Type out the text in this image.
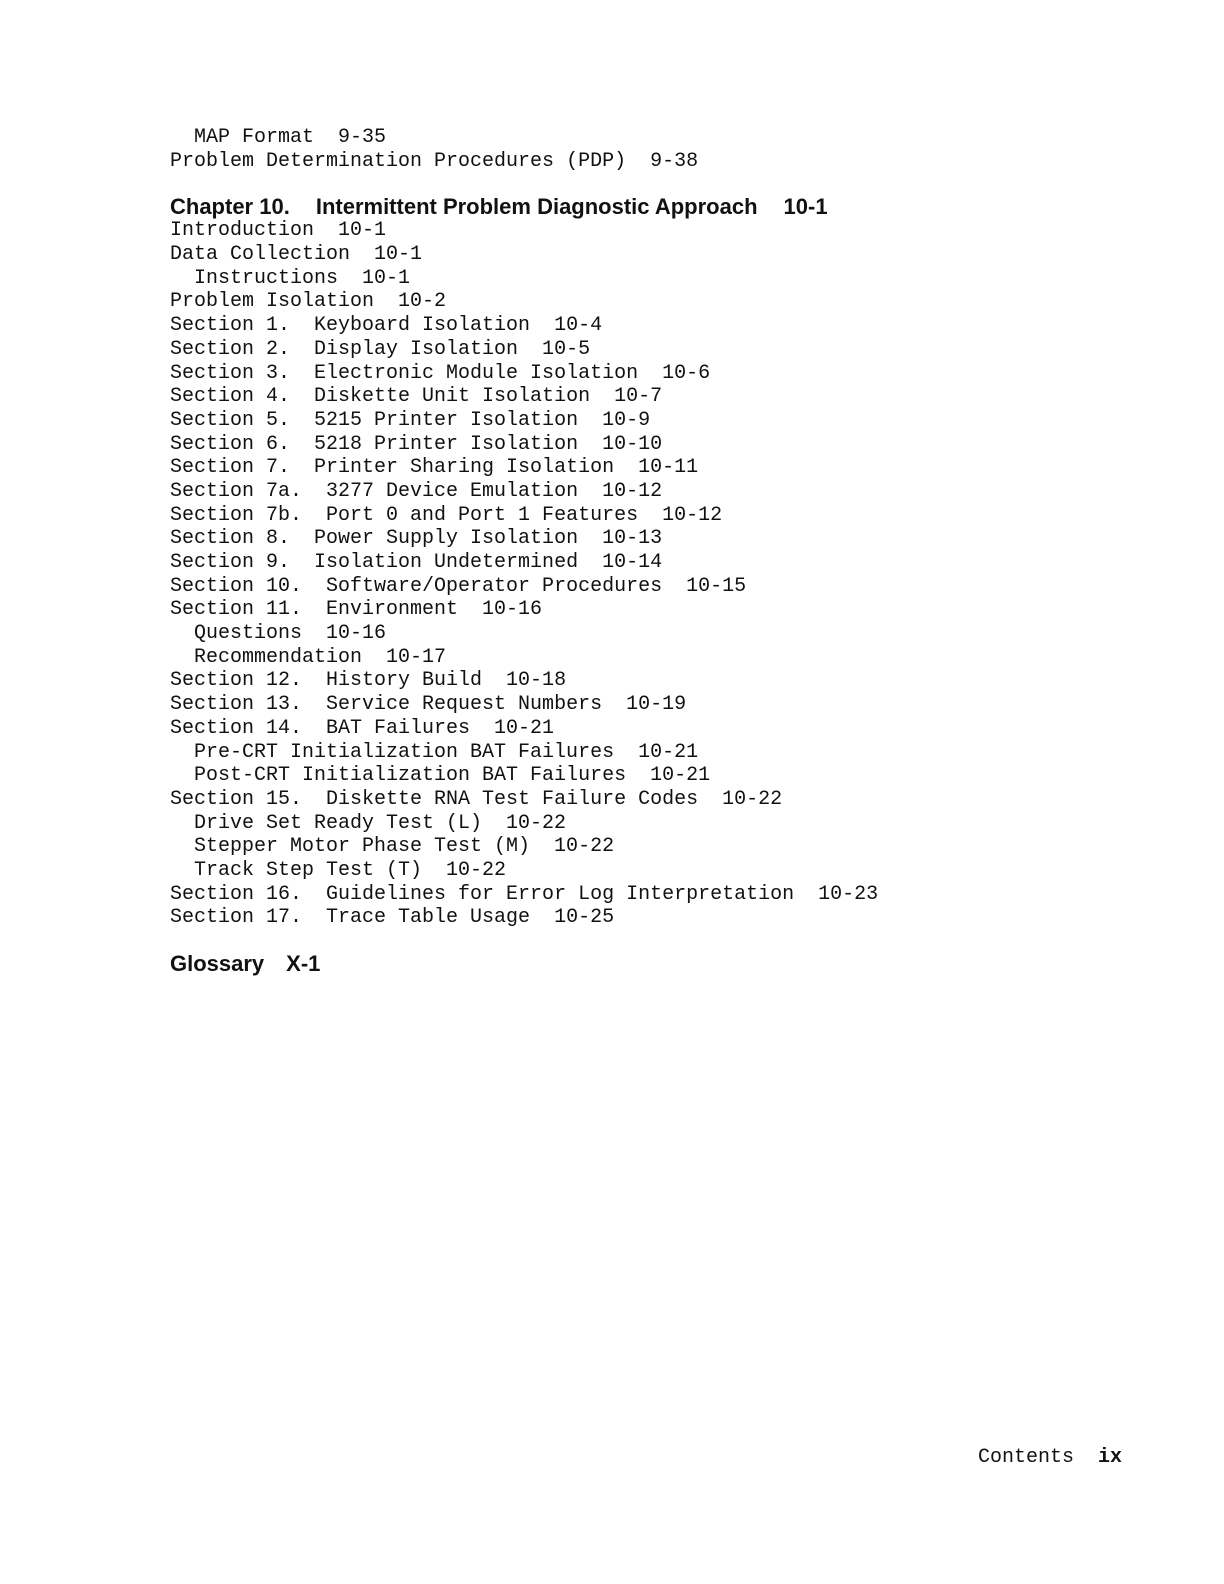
MAP Format  9-35
Problem Determination Procedures (PDP)  9-38
Chapter 10. Intermittent Problem Diagnostic Approach 10-1
Introduction  10-1
Data Collection  10-1
Instructions  10-1
Problem Isolation  10-2
Section 1.  Keyboard Isolation  10-4
Section 2.  Display Isolation  10-5
Section 3.  Electronic Module Isolation  10-6
Section 4.  Diskette Unit Isolation  10-7
Section 5.  5215 Printer Isolation  10-9
Section 6.  5218 Printer Isolation  10-10
Section 7.  Printer Sharing Isolation  10-11
Section 7a.  3277 Device Emulation  10-12
Section 7b.  Port 0 and Port 1 Features  10-12
Section 8.  Power Supply Isolation  10-13
Section 9.  Isolation Undetermined  10-14
Section 10.  Software/Operator Procedures  10-15
Section 11.  Environment  10-16
Questions  10-16
Recommendation  10-17
Section 12.  History Build  10-18
Section 13.  Service Request Numbers  10-19
Section 14.  BAT Failures  10-21
Pre-CRT Initialization BAT Failures  10-21
Post-CRT Initialization BAT Failures  10-21
Section 15.  Diskette RNA Test Failure Codes  10-22
Drive Set Ready Test (L)  10-22
Stepper Motor Phase Test (M)  10-22
Track Step Test (T)  10-22
Section 16.  Guidelines for Error Log Interpretation  10-23
Section 17.  Trace Table Usage  10-25
Glossary X-1
Contents ix
